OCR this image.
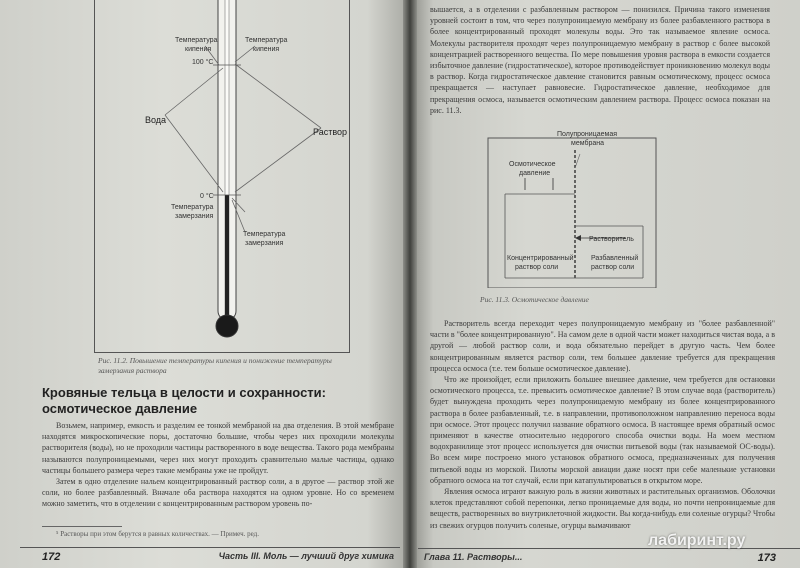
Температура
кипения
Температура
кипения
100 °C
Вода
Раствор
0 °C
Температура
замерзания
Температура
замерзания
Рис. 11.2. Повышение температуры кипения и понижение температуры замерзания раствора
Кровяные тельца в целости и сохранности: осмотическое давление

Возьмем, например, емкость и разделим ее тонкой мембраной на два отделения. В этой мембране находятся микроскопические поры, достаточно большие, чтобы через них проходили молекулы растворителя (воды), но не проходили частицы растворенного в воде вещества. Такого рода мембраны называются полупроницаемыми, через них могут проходить сравнительно малые частицы, однако частицы большего размера через такие мембраны уже не пройдут.

Затем в одно отделение нальем концентрированный раствор соли, а в другое — раствор этой же соли, но более разбавленный. Вначале оба раствора находятся на одном уровне. Но со временем можно заметить, что в отделении с концентрированным раствором уровень по-

⁵ Растворы при этом берутся в равных количествах. — Примеч. ред.
172	Часть III. Моль — лучший друг химика

вышается, а в отделении с разбавленным раствором — понизился. Причина такого изменения уровней состоит в том, что через полупроницаемую мембрану из более разбавленного раствора в более концентрированный проходят молекулы воды. Это так называемое явление осмоса. Молекулы растворителя проходят через полупроницаемую мембрану в раствор с более высокой концентрацией растворенного вещества. По мере повышения уровня раствора в емкости создается избыточное давление (гидростатическое), которое противодействует проникновению молекул воды в раствор. Когда гидростатическое давление становится равным осмотическому, процесс осмоса прекращается — наступает равновесие. Гидростатическое давление, необходимое для прекращения осмоса, называется осмотическим давлением раствора. Процесс осмоса показан на рис. 11.3.

Полупроницаемая
мембрана
Осмотическое
давление
Растворитель
Концентрированный
раствор соли
Разбавленный
раствор соли
Рис. 11.3. Осмотическое давление

Растворитель всегда переходит через полупроницаемую мембрану из "более разбавленной" части в "более концентрированную". На самом деле в одной части может находиться чистая вода, а в другой — любой раствор соли, и вода обязательно перейдет в другую часть. Чем более концентрированным является раствор соли, тем большее давление требуется для прекращения процесса осмоса (т.е. тем больше осмотическое давление).

Что же произойдет, если приложить большее внешнее давление, чем требуется для остановки осмотического процесса, т.е. превысить осмотическое давление? В этом случае вода (растворитель) будет вынуждена проходить через полупроницаемую мембрану из более концентрированного раствора в более разбавленный, т.е. в направлении, противоположном направлению переноса воды при осмосе. Этот процесс получил название обратного осмоса. В настоящее время обратный осмос применяют в качестве относительно недорогого способа очистки воды. На моем местном водохранилище этот процесс используется для очистки питьевой воды (так называемой ОС-воды). Во всем мире построено много установок обратного осмоса, предназначенных для получения питьевой воды из морской. Пилоты морской авиации даже носят при себе маленькие установки обратного осмоса на тот случай, если при катапультироваться в открытом море.

Явления осмоса играют важную роль в жизни животных и растительных организмов. Оболочки клеток представляют собой перепонки, легко проницаемые для воды, но почти непроницаемые для веществ, растворенных во внутриклеточной жидкости. Вы когда-нибудь ели соленые огурцы? Чтобы из свежих огурцов получить соленые, огурцы вымачивают

Глава 11. Растворы...	173
лабиринт.ру
